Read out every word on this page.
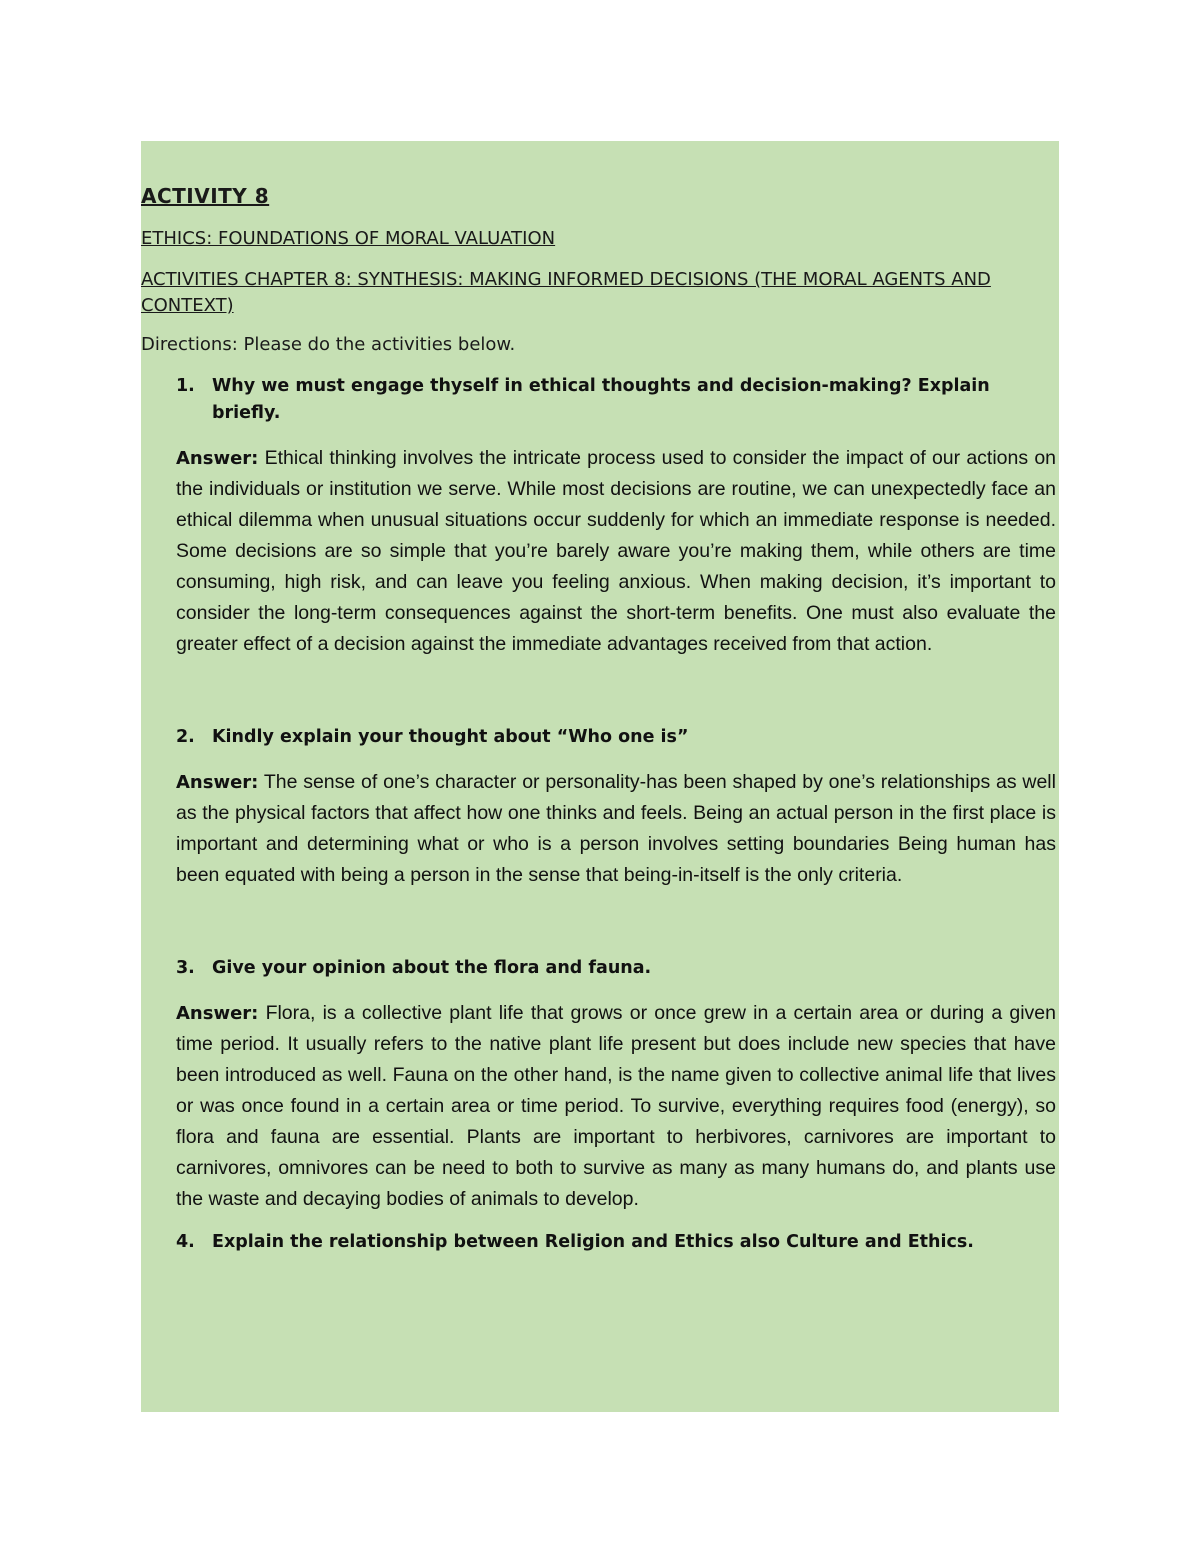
ACTIVITY 8
ETHICS: FOUNDATIONS OF MORAL VALUATION
ACTIVITIES CHAPTER 8: SYNTHESIS: MAKING INFORMED DECISIONS (THE MORAL AGENTS AND CONTEXT)
Directions: Please do the activities below.
1. Why we must engage thyself in ethical thoughts and decision-making? Explain briefly.

Answer: Ethical thinking involves the intricate process used to consider the impact of our actions on the individuals or institution we serve. While most decisions are routine, we can unexpectedly face an ethical dilemma when unusual situations occur suddenly for which an immediate response is needed. Some decisions are so simple that you’re barely aware you’re making them, while others are time consuming, high risk, and can leave you feeling anxious. When making decision, it’s important to consider the long-term consequences against the short-term benefits. One must also evaluate the greater effect of a decision against the immediate advantages received from that action.

2. Kindly explain your thought about “Who one is”

Answer: The sense of one’s character or personality-has been shaped by one’s relationships as well as the physical factors that affect how one thinks and feels. Being an actual person in the first place is important and determining what or who is a person involves setting boundaries Being human has been equated with being a person in the sense that being-in-itself is the only criteria.

3. Give your opinion about the flora and fauna.

Answer: Flora, is a collective plant life that grows or once grew in a certain area or during a given time period. It usually refers to the native plant life present but does include new species that have been introduced as well. Fauna on the other hand, is the name given to collective animal life that lives or was once found in a certain area or time period. To survive, everything requires food (energy), so flora and fauna are essential. Plants are important to herbivores, carnivores are important to carnivores, omnivores can be need to both to survive as many as many humans do, and plants use the waste and decaying bodies of animals to develop.

4. Explain the relationship between Religion and Ethics also Culture and Ethics.
